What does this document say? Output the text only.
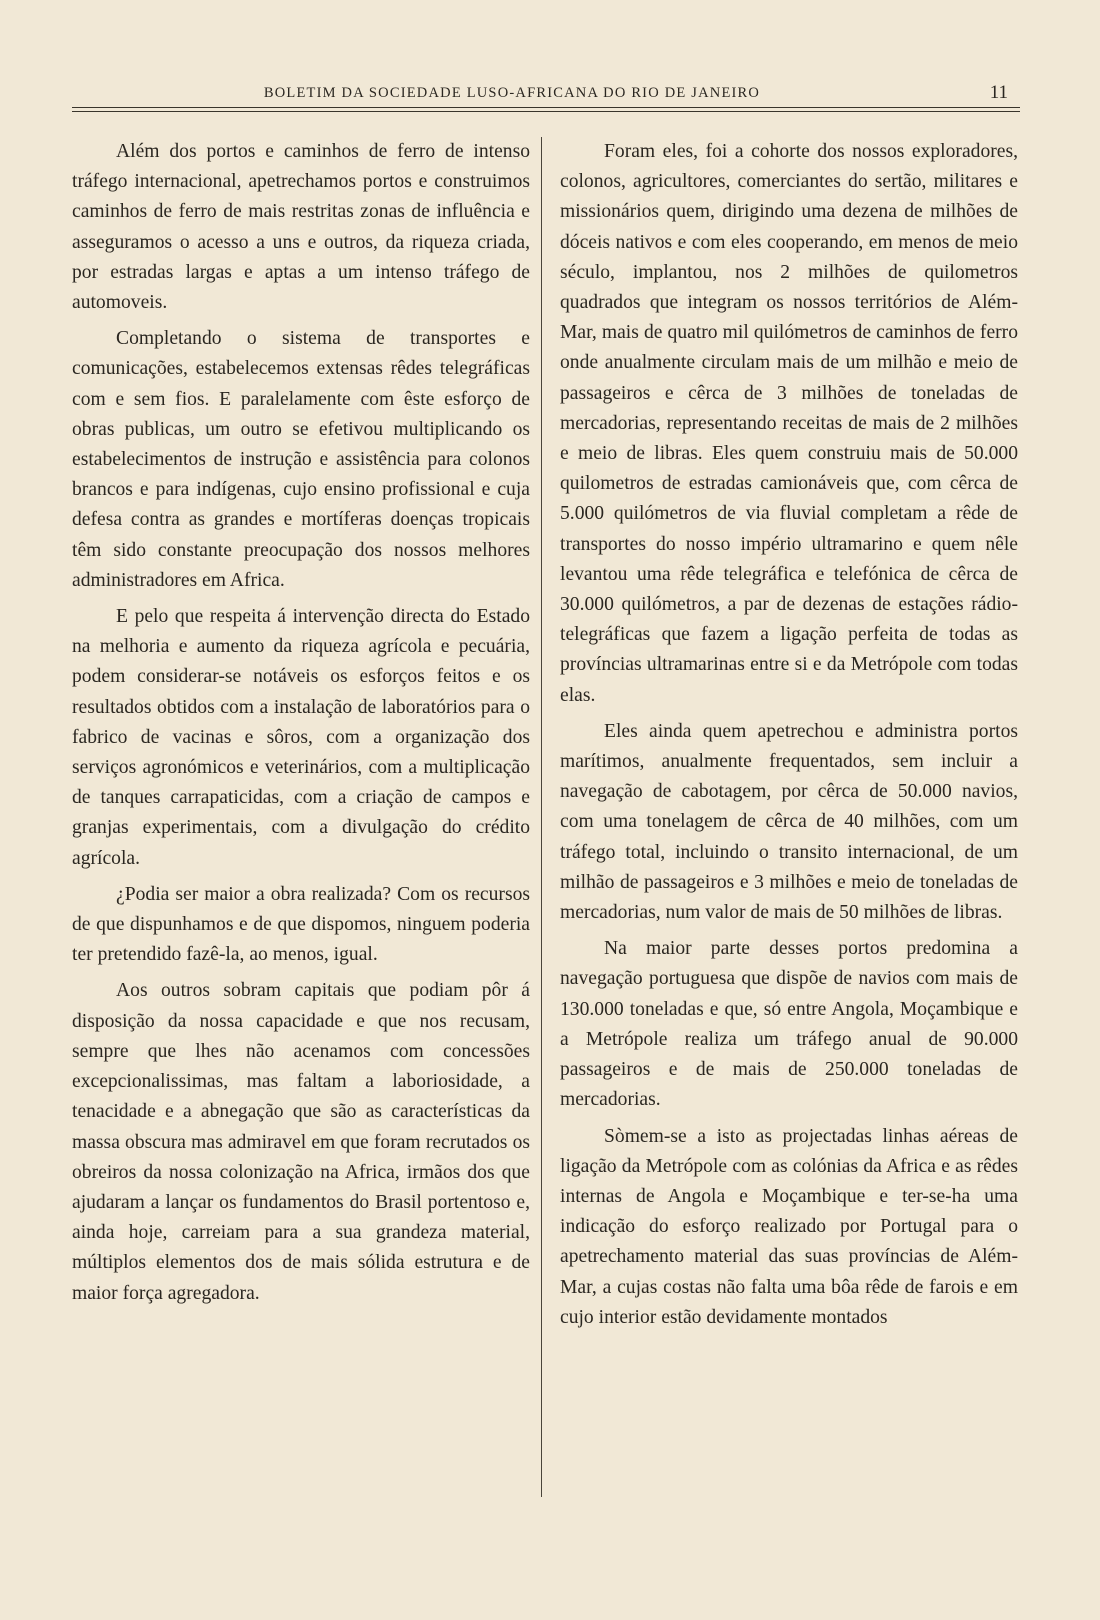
BOLETIM DA SOCIEDADE LUSO-AFRICANA DO RIO DE JANEIRO	11

Além dos portos e caminhos de ferro de intenso tráfego internacional, apetrechamos portos e construimos caminhos de ferro de mais restritas zonas de influência e asseguramos o acesso a uns e outros, da riqueza criada, por estradas largas e aptas a um intenso tráfego de automoveis.

Completando o sistema de transportes e comunicações, estabelecemos extensas rêdes telegráficas com e sem fios. E paralelamente com êste esforço de obras publicas, um outro se efetivou multiplicando os estabelecimentos de instrução e assistência para colonos brancos e para indígenas, cujo ensino profissional e cuja defesa contra as grandes e mortíferas doenças tropicais têm sido constante preocupação dos nossos melhores administradores em Africa.

E pelo que respeita á intervenção directa do Estado na melhoria e aumento da riqueza agrícola e pecuária, podem considerar-se notáveis os esforços feitos e os resultados obtidos com a instalação de laboratórios para o fabrico de vacinas e sôros, com a organização dos serviços agronómicos e veterinários, com a multiplicação de tanques carrapaticidas, com a criação de campos e granjas experimentais, com a divulgação do crédito agrícola.

¿Podia ser maior a obra realizada? Com os recursos de que dispunhamos e de que dispomos, ninguem poderia ter pretendido fazê-la, ao menos, igual.

Aos outros sobram capitais que podiam pôr á disposição da nossa capacidade e que nos recusam, sempre que lhes não acenamos com concessões excepcionalissimas, mas faltam a laboriosidade, a tenacidade e a abnegação que são as características da massa obscura mas admiravel em que foram recrutados os obreiros da nossa colonização na Africa, irmãos dos que ajudaram a lançar os fundamentos do Brasil portentoso e, ainda hoje, carreiam para a sua grandeza material, múltiplos elementos dos de mais sólida estrutura e de maior força agregadora.

Foram eles, foi a cohorte dos nossos exploradores, colonos, agricultores, comerciantes do sertão, militares e missionários quem, dirigindo uma dezena de milhões de dóceis nativos e com eles cooperando, em menos de meio século, implantou, nos 2 milhões de quilometros quadrados que integram os nossos territórios de Além-Mar, mais de quatro mil quilómetros de caminhos de ferro onde anualmente circulam mais de um milhão e meio de passageiros e cêrca de 3 milhões de toneladas de mercadorias, representando receitas de mais de 2 milhões e meio de libras. Eles quem construiu mais de 50.000 quilometros de estradas camionáveis que, com cêrca de 5.000 quilómetros de via fluvial completam a rêde de transportes do nosso império ultramarino e quem nêle levantou uma rêde telegráfica e telefónica de cêrca de 30.000 quilómetros, a par de dezenas de estações rádio-telegráficas que fazem a ligação perfeita de todas as províncias ultramarinas entre si e da Metrópole com todas elas.

Eles ainda quem apetrechou e administra portos marítimos, anualmente frequentados, sem incluir a navegação de cabotagem, por cêrca de 50.000 navios, com uma tonelagem de cêrca de 40 milhões, com um tráfego total, incluindo o transito internacional, de um milhão de passageiros e 3 milhões e meio de toneladas de mercadorias, num valor de mais de 50 milhões de libras.

Na maior parte desses portos predomina a navegação portuguesa que dispõe de navios com mais de 130.000 toneladas e que, só entre Angola, Moçambique e a Metrópole realiza um tráfego anual de 90.000 passageiros e de mais de 250.000 toneladas de mercadorias.

Sòmem-se a isto as projectadas linhas aéreas de ligação da Metrópole com as colónias da Africa e as rêdes internas de Angola e Moçambique e ter-se-ha uma indicação do esforço realizado por Portugal para o apetrechamento material das suas províncias de Além-Mar, a cujas costas não falta uma bôa rêde de farois e em cujo interior estão devidamente montados
